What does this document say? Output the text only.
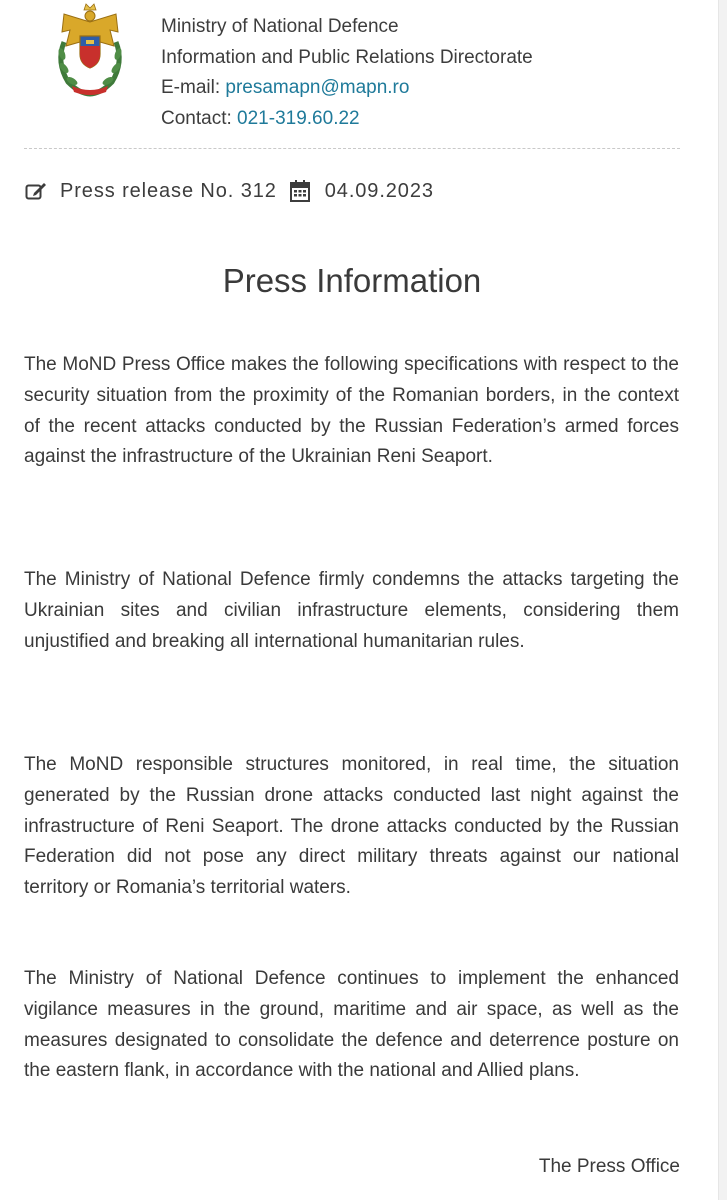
Ministry of National Defence
Information and Public Relations Directorate
E-mail: presamapn@mapn.ro
Contact: 021-319.60.22
Press release No. 312 04.09.2023
Press Information

The MoND Press Office makes the following specifications with respect to the security situation from the proximity of the Romanian borders, in the context of the recent attacks conducted by the Russian Federation’s armed forces against the infrastructure of the Ukrainian Reni Seaport.

The Ministry of National Defence firmly condemns the attacks targeting the Ukrainian sites and civilian infrastructure elements, considering them unjustified and breaking all international humanitarian rules.

The MoND responsible structures monitored, in real time, the situation generated by the Russian drone attacks conducted last night against the infrastructure of Reni Seaport. The drone attacks conducted by the Russian Federation did not pose any direct military threats against our national territory or Romania’s territorial waters.

The Ministry of National Defence continues to implement the enhanced vigilance measures in the ground, maritime and air space, as well as the measures designated to consolidate the defence and deterrence posture on the eastern flank, in accordance with the national and Allied plans.

The Press Office
